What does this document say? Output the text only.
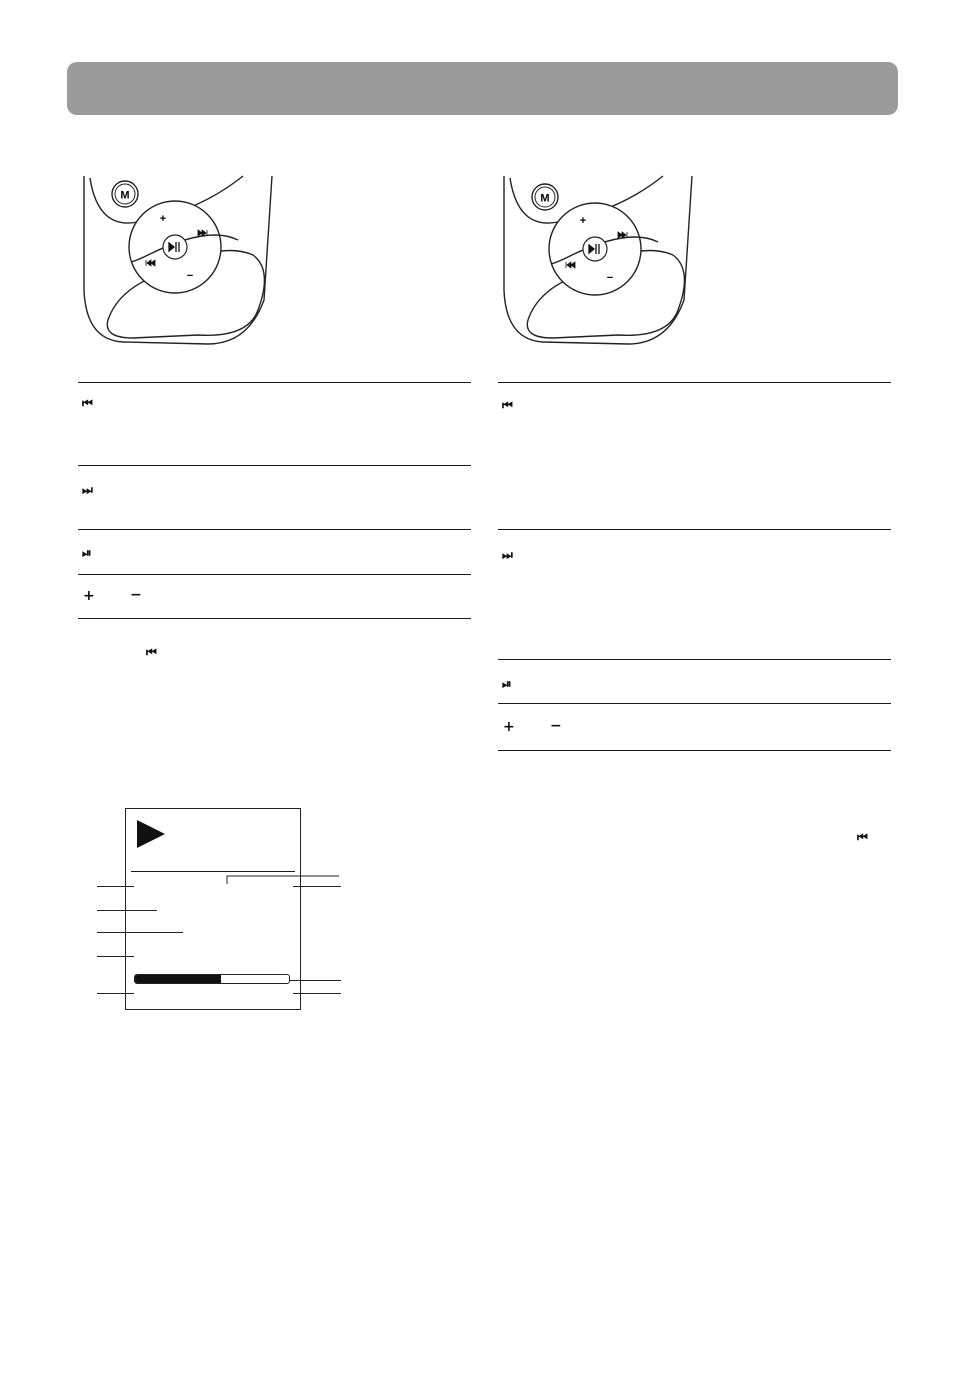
M
+
−
M
+
−
⏮
⏭
⏯
+	−
⏮
⏮
⏭
⏯
+	−
⏮
